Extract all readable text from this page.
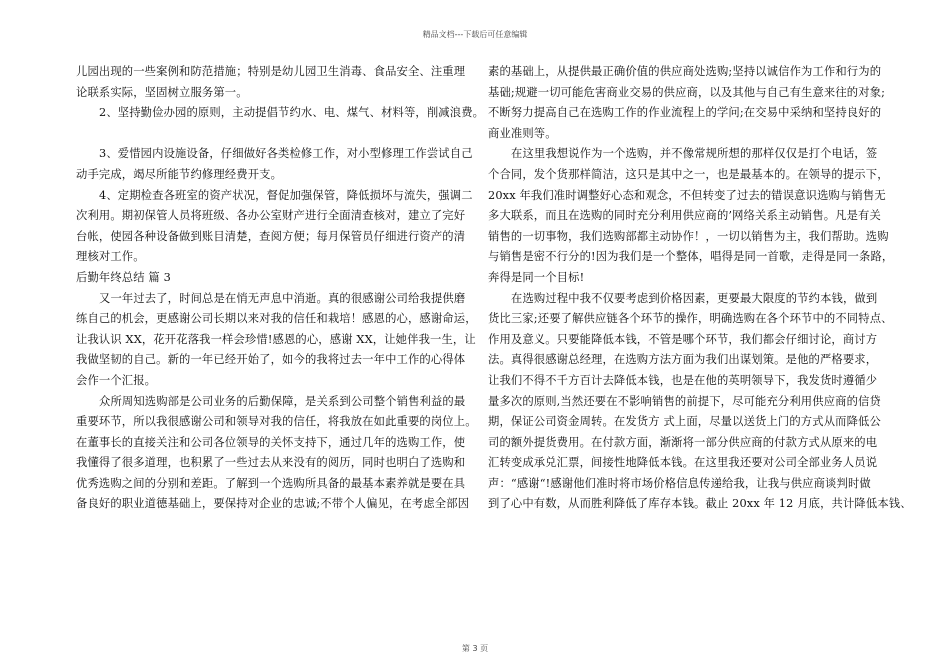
精品文档---下载后可任意编辑
儿园出现的一些案例和防范措施；特别是幼儿园卫生消毒、食品安全、注重理
论联系实际，坚固树立服务第一。
2、坚持勤俭办园的原则，主动提倡节约水、电、煤气、材料等，削减浪费。
3、爱惜园内设施设备，仔细做好各类检修工作，对小型修理工作尝试自己
动手完成，竭尽所能节约修理经费开支。
4、定期检查各班室的资产状况，督促加强保管，降低损坏与流失，强调二
次利用。期初保管人员将班级、各办公室财产进行全面清查核对，建立了完好
台帐，使园各种设备做到账目清楚，查阅方便；每月保管员仔细进行资产的清
理核对工作。
后勤年终总结 篇 3
又一年过去了，时间总是在悄无声息中消逝。真的很感谢公司给我提供磨
练自己的机会，更感谢公司长期以来对我的信任和栽培！感恩的心，感谢命运，
让我认识 XX，花开花落我一样会珍惜!感恩的心，感谢 XX，让她伴我一生，让
我做坚韧的自己。新的一年已经开始了，如今的我将过去一年中工作的心得体
会作一个汇报。
众所周知选购部是公司业务的后勤保障，是关系到公司整个销售利益的最
重要环节，所以我很感谢公司和领导对我的信任，将我放在如此重要的岗位上。
在董事长的直接关注和公司各位领导的关怀支持下，通过几年的选购工作，使
我懂得了很多道理，也积累了一些过去从来没有的阅历，同时也明白了选购和
优秀选购之间的分别和差距。了解到一个选购所具备的最基本素养就是要在具
备良好的职业道德基础上，要保持对企业的忠诚;不带个人偏见，在考虑全部因
素的基础上，从提供最正确价值的供应商处选购;坚持以诚信作为工作和行为的
基础;规避一切可能危害商业交易的供应商，以及其他与自己有生意来往的对象;
不断努力提高自己在选购工作的作业流程上的学问;在交易中采纳和坚持良好的
商业准则等。
在这里我想说作为一个选购，并不像常规所想的那样仅仅是打个电话，签
个合同，发个货那样简洁，这只是其中之一，也是最基本的。在领导的提示下，
20xx 年我们准时调整好心态和观念，不但转变了过去的错误意识选购与销售无
多大联系，而且在选购的同时充分利用供应商的’网络关系主动销售。凡是有关
销售的一切事物，我们选购部都主动协作！，一切以销售为主，我们帮助。选购
与销售是密不行分的!因为我们是一个整体，唱得是同一首歌，走得是同一条路，
奔得是同一个目标!
在选购过程中我不仅要考虑到价格因素，更要最大限度的节约本钱，做到
货比三家;还要了解供应链各个环节的操作，明确选购在各个环节中的不同特点、
作用及意义。只要能降低本钱，不管是哪个环节，我们都会仔细讨论，商讨方
法。真得很感谢总经理，在选购方法方面为我们出谋划策。是他的严格要求，
让我们不得不千方百计去降低本钱，也是在他的英明领导下，我发货时遵循少
量多次的原则,当然还要在不影响销售的前提下，尽可能充分利用供应商的信贷
期，保证公司资金周转。在发货方 式上面，尽量以送货上门的方式从而降低公
司的额外提货费用。在付款方面，渐渐将一部分供应商的付款方式从原来的电
汇转变成承兑汇票，间接性地降低本钱。在这里我还要对公司全部业务人员说
声：“感谢“!感谢他们准时将市场价格信息传递给我，让我与供应商谈判时做
到了心中有数，从而胜利降低了库存本钱。截止 20xx 年 12 月底，共计降低本钱、
第 3 页
